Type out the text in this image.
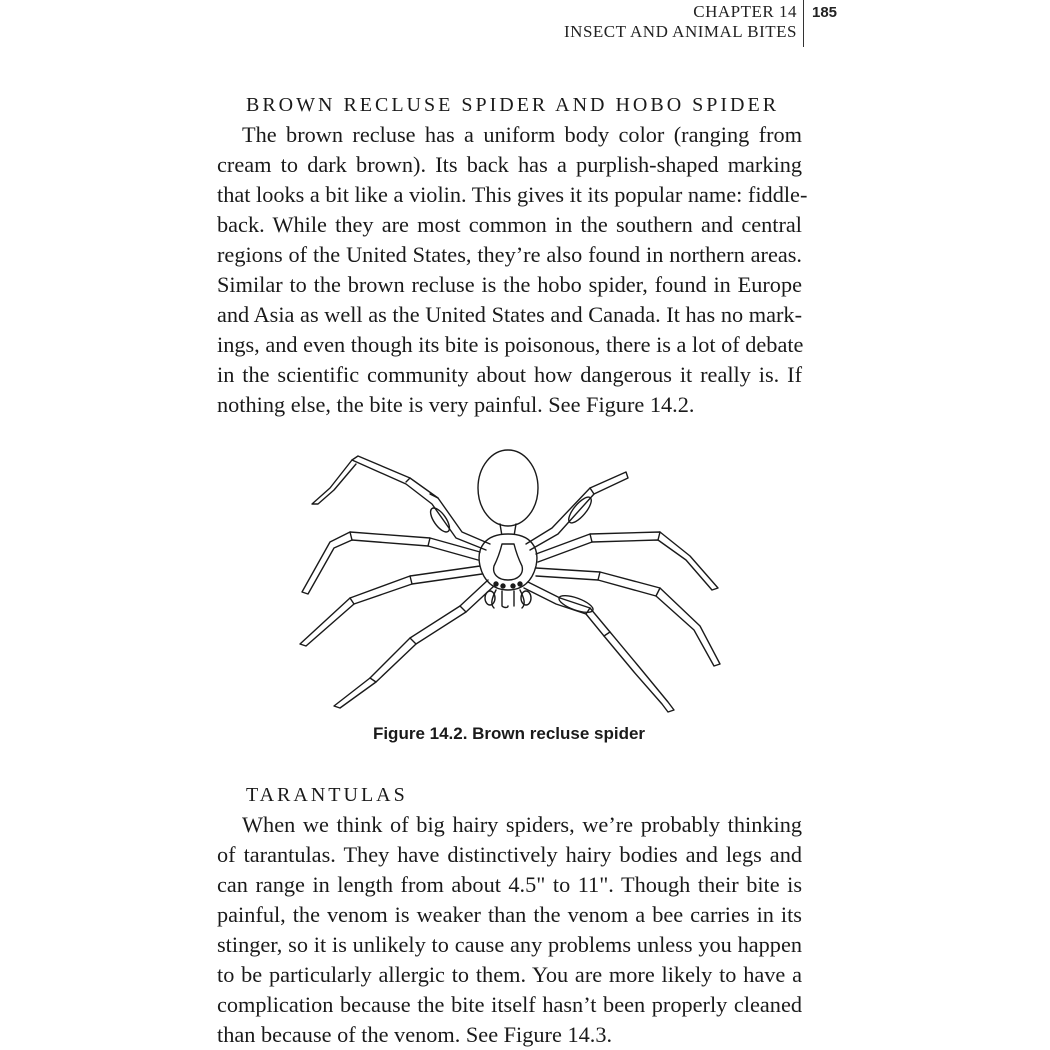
CHAPTER 14
INSECT AND ANIMAL BITES
185
BROWN RECLUSE SPIDER AND HOBO SPIDER
The brown recluse has a uniform body color (ranging from
cream to dark brown). Its back has a purplish-shaped marking
that looks a bit like a violin. This gives it its popular name: fiddle-
back. While they are most common in the southern and central
regions of the United States, they’re also found in northern areas.
Similar to the brown recluse is the hobo spider, found in Europe
and Asia as well as the United States and Canada. It has no mark-
ings, and even though its bite is poisonous, there is a lot of debate
in the scientific community about how dangerous it really is. If
nothing else, the bite is very painful. See Figure 14.2.
Figure 14.2. Brown recluse spider
TARANTULAS
When we think of big hairy spiders, we’re probably thinking
of tarantulas. They have distinctively hairy bodies and legs and
can range in length from about 4.5" to 11". Though their bite is
painful, the venom is weaker than the venom a bee carries in its
stinger, so it is unlikely to cause any problems unless you happen
to be particularly allergic to them. You are more likely to have a
complication because the bite itself hasn’t been properly cleaned
than because of the venom. See Figure 14.3.
